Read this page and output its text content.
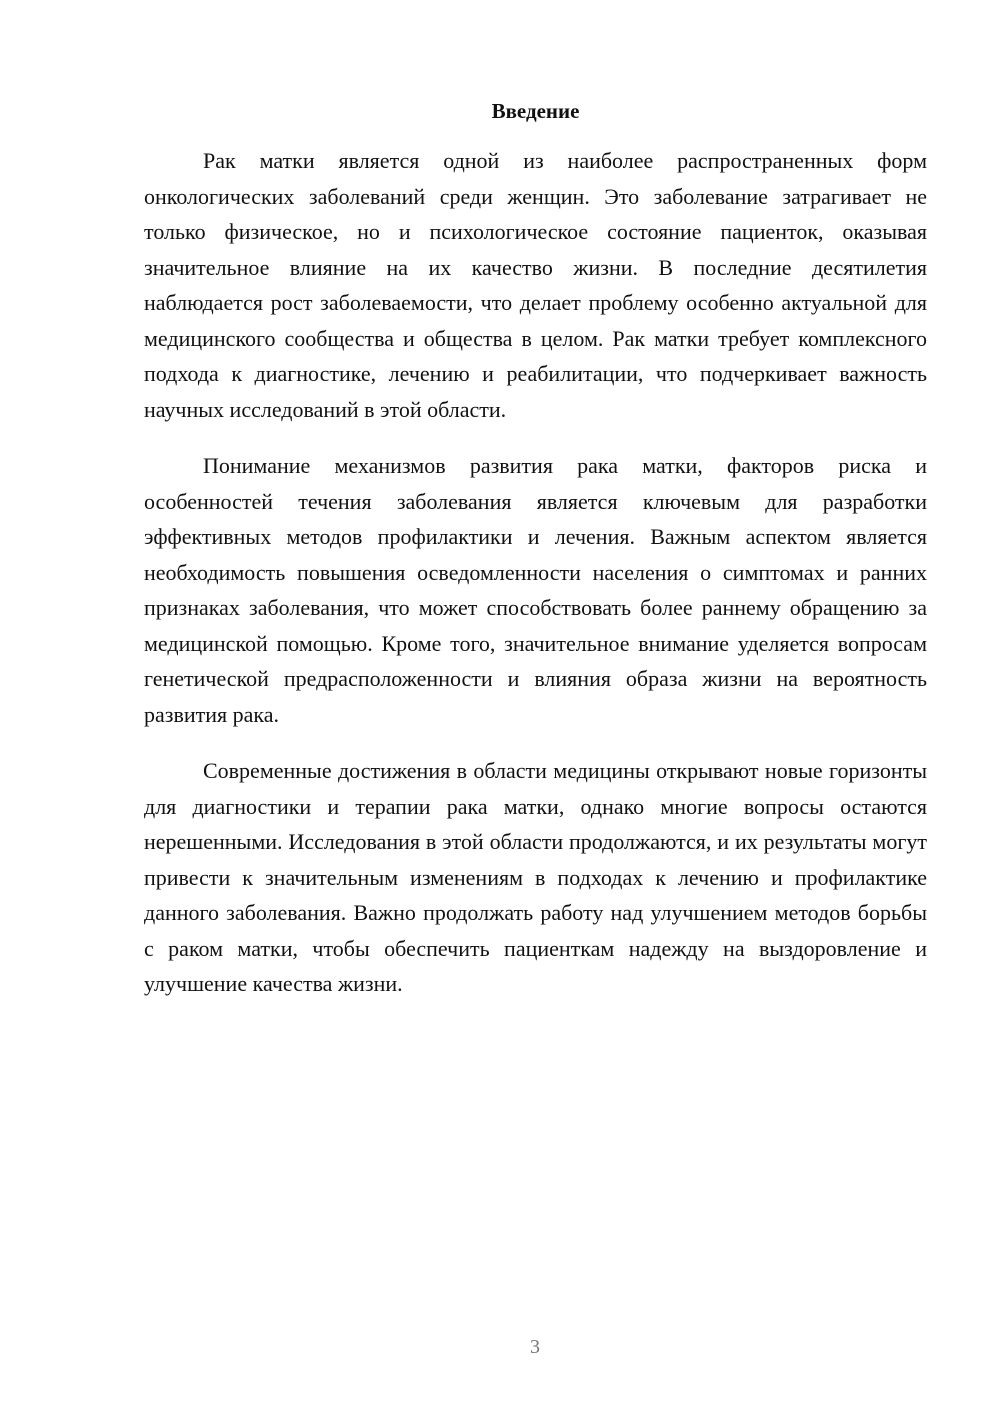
Введение

Рак матки является одной из наиболее распространенных форм онкологических заболеваний среди женщин. Это заболевание затрагивает не только физическое, но и психологическое состояние пациенток, оказывая значительное влияние на их качество жизни. В последние десятилетия наблюдается рост заболеваемости, что делает проблему особенно актуальной для медицинского сообщества и общества в целом. Рак матки требует комплексного подхода к диагностике, лечению и реабилитации, что подчеркивает важность научных исследований в этой области.

Понимание механизмов развития рака матки, факторов риска и особенностей течения заболевания является ключевым для разработки эффективных методов профилактики и лечения. Важным аспектом является необходимость повышения осведомленности населения о симптомах и ранних признаках заболевания, что может способствовать более раннему обращению за медицинской помощью. Кроме того, значительное внимание уделяется вопросам генетической предрасположенности и влияния образа жизни на вероятность развития рака.

Современные достижения в области медицины открывают новые горизонты для диагностики и терапии рака матки, однако многие вопросы остаются нерешенными. Исследования в этой области продолжаются, и их результаты могут привести к значительным изменениям в подходах к лечению и профилактике данного заболевания. Важно продолжать работу над улучшением методов борьбы с раком матки, чтобы обеспечить пациенткам надежду на выздоровление и улучшение качества жизни.

3
